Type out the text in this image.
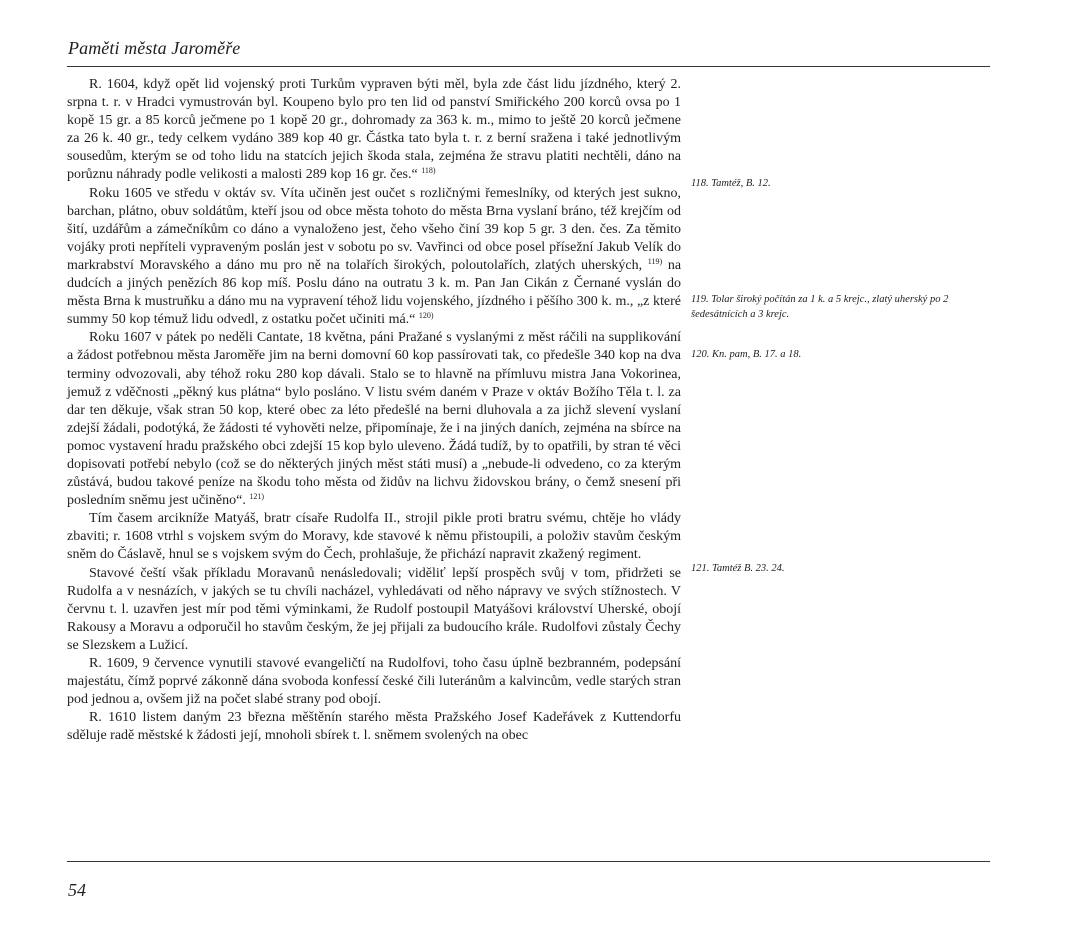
Paměti města Jaroměře

R. 1604, když opět lid vojenský proti Turkům vypraven býti měl, byla zde část lidu jízdného, který 2. srpna t. r. v Hradci vymustrován byl. Koupeno bylo pro ten lid od panství Smiřického 200 korců ovsa po 1 kopě 15 gr. a 85 korců ječmene po 1 kopě 20 gr., dohromady za 363 k. m., mimo to ještě 20 korců ječmene za 26 k. 40 gr., tedy celkem vydáno 389 kop 40 gr. Částka tato byla t. r. z berní sražena i také jednotlivým sousedům, kterým se od toho lidu na statcích jejich škoda stala, zejména že stravu platiti nechtěli, dáno na porůznu náhrady podle velikosti a malosti 289 kop 16 gr. čes.“ $^{118)}$

Roku 1605 ve středu v oktáv sv. Víta učiněn jest oučet s rozličnými řemeslníky, od kterých jest sukno, barchan, plátno, obuv soldátům, kteří jsou od obce města tohoto do města Brna vyslaní bráno, též krejčím od šití, uzdářům a zámečníkům co dáno a vynaloženo jest, čeho všeho činí 39 kop 5 gr. 3 den. čes. Za těmito vojáky proti nepříteli vypraveným poslán jest v sobotu po sv. Vavřinci od obce posel přísežní Jakub Velík do markrabství Moravského a dáno mu pro ně na tolařích širokých, poloutolařích, zlatých uherských, $^{119)}$ na dudcích a jiných penězích 86 kop míš. Poslu dáno na outratu 3 k. m. Pan Jan Cikán z Černané vyslán do města Brna k mustruňku a dáno mu na vypravení téhož lidu vojenského, jízdného i pěšího 300 k. m., „z které summy 50 kop témuž lidu odvedl, z ostatku počet učiniti má.“ $^{120)}$

Roku 1607 v pátek po neděli Cantate, 18 května, páni Pražané s vyslanými z měst ráčili na supplikování a žádost potřebnou města Jaroměře jim na berni domovní 60 kop passírovati tak, co předešle 340 kop na dva terminy odvozovali, aby téhož roku 280 kop dávali. Stalo se to hlavně na přímluvu mistra Jana Vokorinea, jemuž z vděčnosti „pěkný kus plátna“ bylo posláno. V listu svém daném v Praze v oktáv Božího Těla t. l. za dar ten děkuje, však stran 50 kop, které obec za léto předešlé na berni dluhovala a za jichž slevení vyslaní zdejší žádali, podotýká, že žádosti té vyhověti nelze, připomínaje, že i na jiných daních, zejména na sbírce na pomoc vystavení hradu pražského obci zdejší 15 kop bylo uleveno. Žádá tudíž, by to opatřili, by stran té věci dopisovati potřebí nebylo (což se do některých jiných měst státi musí) a „nebude-li odvedeno, co za kterým zůstává, budou takové peníze na škodu toho města od židův na lichvu židovskou brány, o čemž snesení při posledním sněmu jest učiněno“. $^{121)}$

Tím časem arcikníže Matyáš, bratr císaře Rudolfa II., strojil pikle proti bratru svému, chtěje ho vlády zbaviti; r. 1608 vtrhl s vojskem svým do Moravy, kde stavové k němu přistoupili, a položiv stavům českým sněm do Čáslavě, hnul se s vojskem svým do Čech, prohlašuje, že přichází napravit zkažený regiment.

Stavové čeští však příkladu Moravanů nenásledovali; viděliť lepší prospěch svůj v tom, přidržeti se Rudolfa a v nesnázích, v jakých se tu chvíli nacházel, vyhledávati od něho nápravy ve svých stížnostech. V červnu t. l. uzavřen jest mír pod těmi výminkami, že Rudolf postoupil Matyášovi království Uherské, obojí Rakousy a Moravu a odporučil ho stavům českým, že jej přijali za budoucího krále. Rudolfovi zůstaly Čechy se Slezskem a Lužicí.

R. 1609, 9 července vynutili stavové evangeličtí na Rudolfovi, toho času úplně bezbranném, podepsání majestátu, čímž poprvé zákonně dána svoboda konfessí české čili luteránům a kalvincům, vedle starých stran pod jednou a, ovšem již na počet slabé strany pod obojí.

R. 1610 listem daným 23 března měštěnín starého města Pražského Josef Kadeřávek z Kuttendorfu sděluje radě městské k žádosti její, mnoholi sbírek t. l. sněmem svolených na obec

118. Tamtéž, B. 12.
119. Tolar široký počítán za 1 k. a 5 krejc., zlatý uherský po 2 šedesátnících a 3 krejc.
120. Kn. pam, B. 17. a 18.
121. Tamtéž B. 23. 24.
54
